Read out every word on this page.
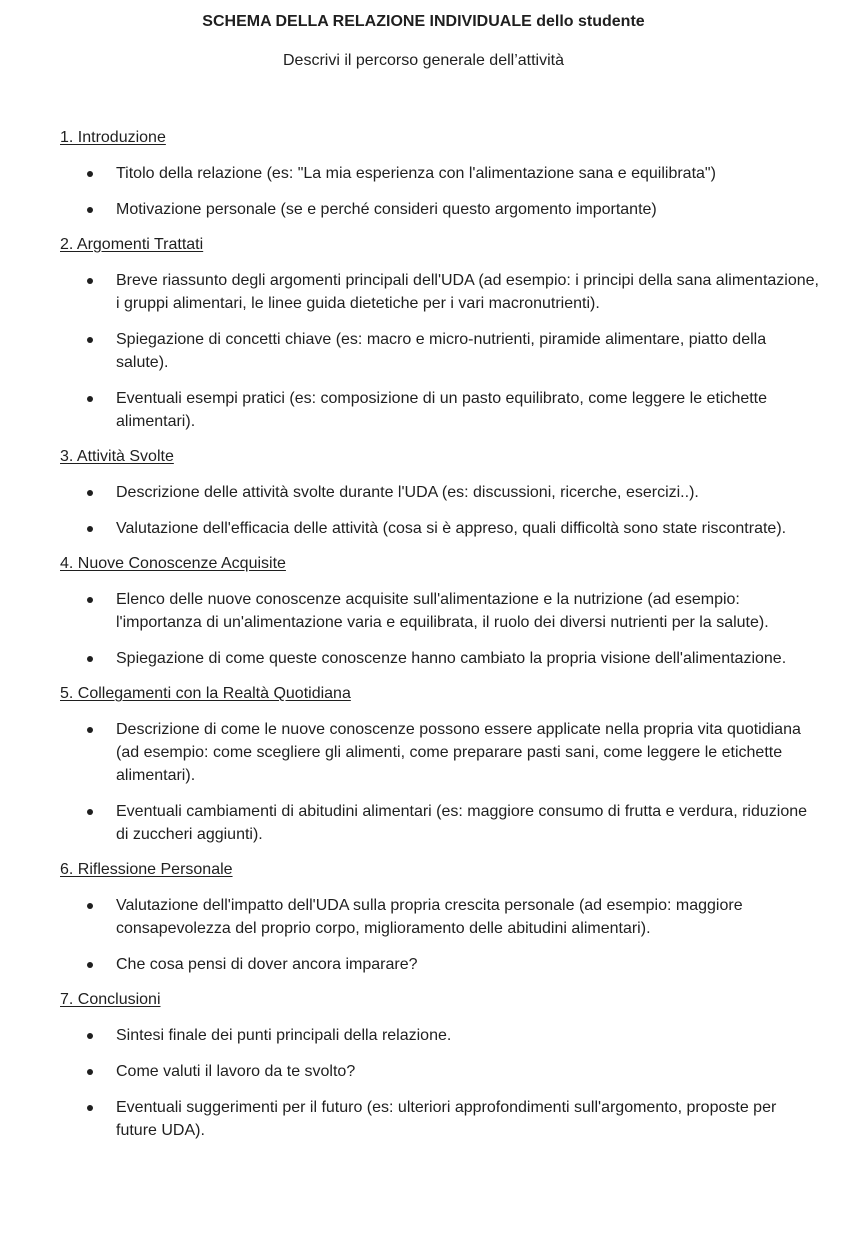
SCHEMA DELLA RELAZIONE INDIVIDUALE dello studente
Descrivi il percorso generale dell’attività
1. Introduzione
Titolo della relazione (es: "La mia esperienza con l'alimentazione sana e equilibrata")
Motivazione personale (se e perché consideri questo argomento importante)
2. Argomenti Trattati
Breve riassunto degli argomenti principali dell'UDA (ad esempio: i principi della sana alimentazione, i gruppi alimentari, le linee guida dietetiche per i vari macronutrienti).
Spiegazione di concetti chiave (es: macro e micro-nutrienti, piramide alimentare, piatto della salute).
Eventuali esempi pratici (es: composizione di un pasto equilibrato, come leggere le etichette alimentari).
3. Attività Svolte
Descrizione delle attività svolte durante l'UDA (es: discussioni, ricerche, esercizi..).
Valutazione dell'efficacia delle attività (cosa si è appreso, quali difficoltà sono state riscontrate).
4. Nuove Conoscenze Acquisite
Elenco delle nuove conoscenze acquisite sull'alimentazione e la nutrizione (ad esempio: l'importanza di un'alimentazione varia e equilibrata, il ruolo dei diversi nutrienti per la salute).
Spiegazione di come queste conoscenze hanno cambiato la propria visione dell'alimentazione.
5. Collegamenti con la Realtà Quotidiana
Descrizione di come le nuove conoscenze possono essere applicate nella propria vita quotidiana (ad esempio: come scegliere gli alimenti, come preparare pasti sani, come leggere le etichette alimentari).
Eventuali cambiamenti di abitudini alimentari (es: maggiore consumo di frutta e verdura, riduzione di zuccheri aggiunti).
6. Riflessione Personale
Valutazione dell'impatto dell'UDA sulla propria crescita personale (ad esempio: maggiore consapevolezza del proprio corpo, miglioramento delle abitudini alimentari).
Che cosa pensi di dover ancora imparare?
7. Conclusioni
Sintesi finale dei punti principali della relazione.
Come valuti il lavoro da te svolto?
Eventuali suggerimenti per il futuro (es: ulteriori approfondimenti sull'argomento, proposte per future UDA).
